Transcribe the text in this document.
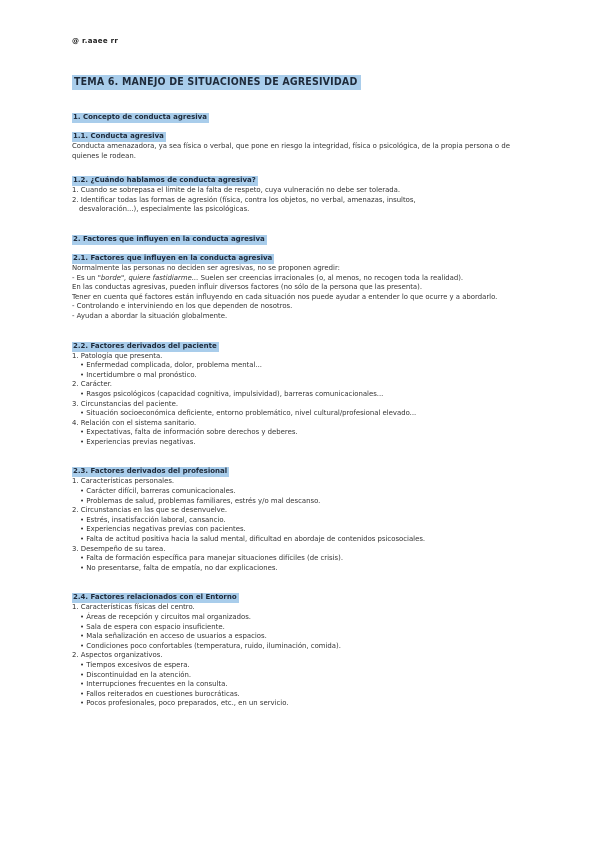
@ r.aaee rr
TEMA 6. MANEJO DE SITUACIONES DE AGRESIVIDAD
1. Concepto de conducta agresiva
1.1. Conducta agresiva

Conducta amenazadora, ya sea física o verbal, que pone en riesgo la integridad, física o psicológica, de la propia persona o de quienes le rodean.

1.2. ¿Cuándo hablamos de conducta agresiva?
1. Cuando se sobrepasa el límite de la falta de respeto, cuya vulneración no debe ser tolerada.
2. Identificar todas las formas de agresión (física, contra los objetos, no verbal, amenazas, insultos,
desvaloración...), especialmente las psicológicas.
2. Factores que influyen en la conducta agresiva
2.1. Factores que influyen en la conducta agresiva

Normalmente las personas no deciden ser agresivas, no se proponen agredir:

- Es un "borde", quiere fastidiarme... Suelen ser creencias irracionales (o, al menos, no recogen toda la realidad).

En las conductas agresivas, pueden influir diversos factores (no sólo de la persona que las presenta).

Tener en cuenta qué factores están influyendo en cada situación nos puede ayudar a entender lo que ocurre y a abordarlo.

- Controlando e interviniendo en los que dependen de nosotros.

- Ayudan a abordar la situación globalmente.

2.2. Factores derivados del paciente
1. Patología que presenta.
• Enfermedad complicada, dolor, problema mental...
• Incertidumbre o mal pronóstico.
2. Carácter.
• Rasgos psicológicos (capacidad cognitiva, impulsividad), barreras comunicacionales...
3. Circunstancias del paciente.
• Situación socioeconómica deficiente, entorno problemático, nivel cultural/profesional elevado...
4. Relación con el sistema sanitario.
• Expectativas, falta de información sobre derechos y deberes.
• Experiencias previas negativas.
2.3. Factores derivados del profesional
1. Características personales.
• Carácter difícil, barreras comunicacionales.
• Problemas de salud, problemas familiares, estrés y/o mal descanso.
2. Circunstancias en las que se desenvuelve.
• Estrés, insatisfacción laboral, cansancio.
• Experiencias negativas previas con pacientes.
• Falta de actitud positiva hacia la salud mental, dificultad en abordaje de contenidos psicosociales.
3. Desempeño de su tarea.
• Falta de formación específica para manejar situaciones difíciles (de crisis).
• No presentarse, falta de empatía, no dar explicaciones.
2.4. Factores relacionados con el Entorno
1. Características físicas del centro.
• Áreas de recepción y circuitos mal organizados.
• Sala de espera con espacio insuficiente.
• Mala señalización en acceso de usuarios a espacios.
• Condiciones poco confortables (temperatura, ruido, iluminación, comida).
2. Aspectos organizativos.
• Tiempos excesivos de espera.
• Discontinuidad en la atención.
• Interrupciones frecuentes en la consulta.
• Fallos reiterados en cuestiones burocráticas.
• Pocos profesionales, poco preparados, etc., en un servicio.
